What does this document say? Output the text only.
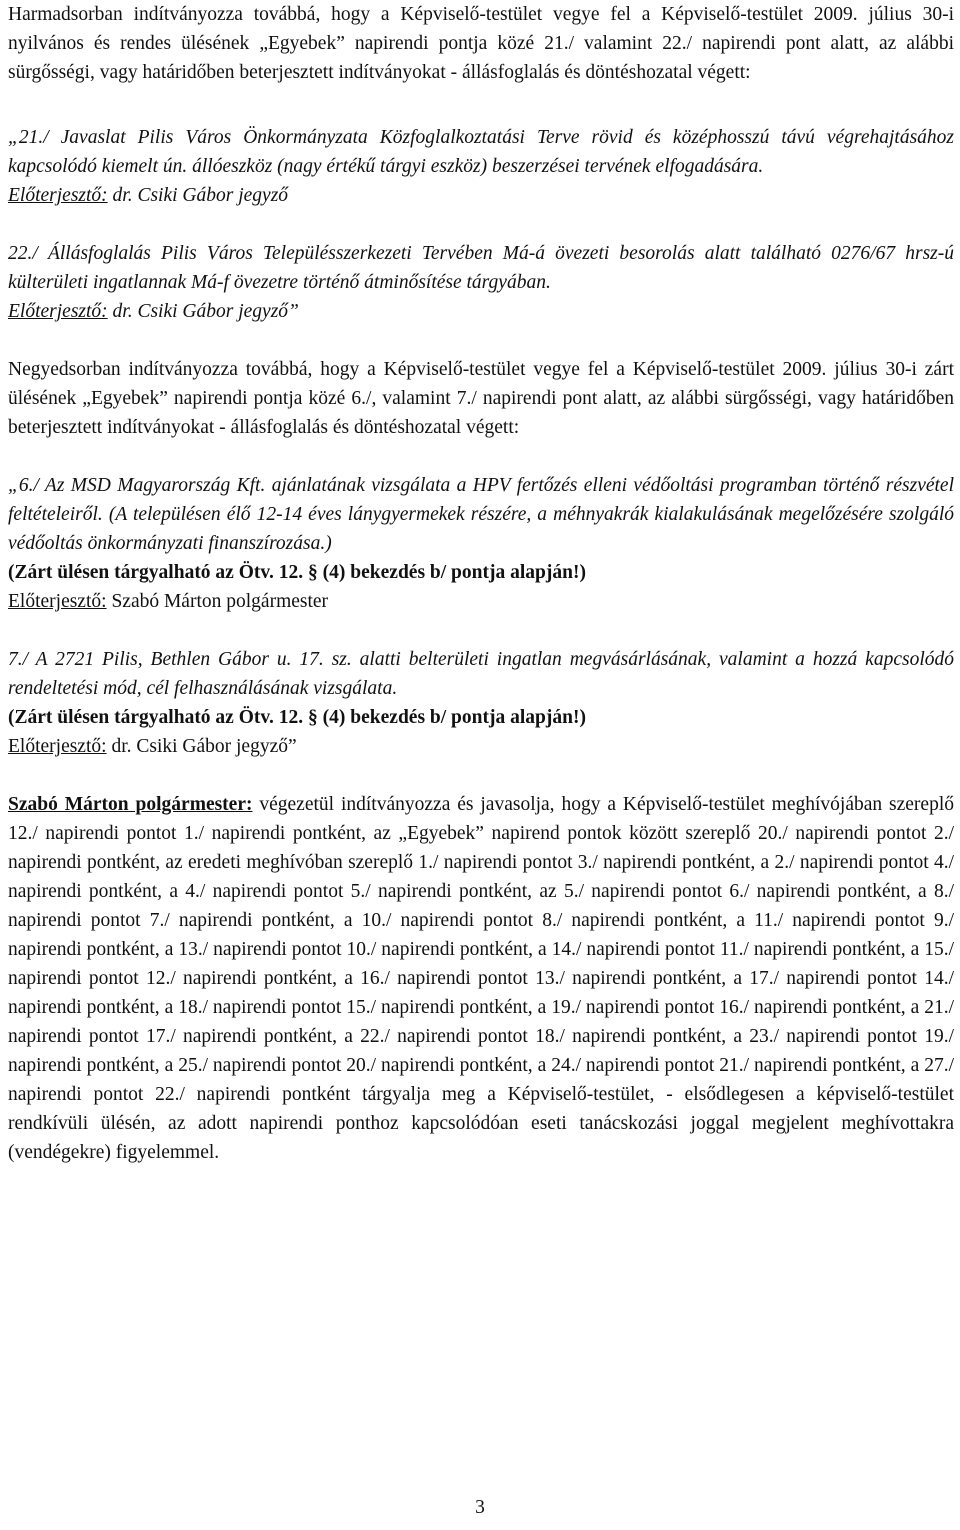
Harmadsorban indítványozza továbbá, hogy a Képviselő-testület vegye fel a Képviselő-testület 2009. július 30-i nyilvános és rendes ülésének „Egyebek” napirendi pontja közé 21./ valamint 22./ napirendi pont alatt, az alábbi sürgősségi, vagy határidőben beterjesztett indítványokat - állásfoglalás és döntéshozatal végett:

„21./ Javaslat Pilis Város Önkormányzata Közfoglalkoztatási Terve rövid és középhosszú távú végrehajtásához kapcsolódó kiemelt ún. állóeszköz (nagy értékű tárgyi eszköz) beszerzései tervének elfogadására.

Előterjesztő: dr. Csiki Gábor jegyző

22./ Állásfoglalás Pilis Város Településszerkezeti Tervében Má-á övezeti besorolás alatt található 0276/67 hrsz-ú külterületi ingatlannak Má-f övezetre történő átminősítése tárgyában.

Előterjesztő: dr. Csiki Gábor jegyző”

Negyedsorban indítványozza továbbá, hogy a Képviselő-testület vegye fel a Képviselő-testület 2009. július 30-i zárt ülésének „Egyebek” napirendi pontja közé 6./, valamint 7./ napirendi pont alatt, az alábbi sürgősségi, vagy határidőben beterjesztett indítványokat - állásfoglalás és döntéshozatal végett:

„6./ Az MSD Magyarország Kft. ajánlatának vizsgálata a HPV fertőzés elleni védőoltási programban történő részvétel feltételeiről. (A településen élő 12-14 éves lánygyermekek részére, a méhnyakrák kialakulásának megelőzésére szolgáló védőoltás önkormányzati finanszírozása.)

(Zárt ülésen tárgyalható az Ötv. 12. § (4) bekezdés b/ pontja alapján!)

Előterjesztő: Szabó Márton polgármester

7./ A 2721 Pilis, Bethlen Gábor u. 17. sz. alatti belterületi ingatlan megvásárlásának, valamint a hozzá kapcsolódó rendeltetési mód, cél felhasználásának vizsgálata.

(Zárt ülésen tárgyalható az Ötv. 12. § (4) bekezdés b/ pontja alapján!)

Előterjesztő: dr. Csiki Gábor jegyző”

Szabó Márton polgármester: végezetül indítványozza és javasolja, hogy a Képviselő-testület meghívójában szereplő 12./ napirendi pontot 1./ napirendi pontként, az „Egyebek” napirend pontok között szereplő 20./ napirendi pontot 2./ napirendi pontként, az eredeti meghívóban szereplő 1./ napirendi pontot 3./ napirendi pontként, a 2./ napirendi pontot 4./ napirendi pontként, a 4./ napirendi pontot 5./ napirendi pontként, az 5./ napirendi pontot 6./ napirendi pontként, a 8./ napirendi pontot 7./ napirendi pontként, a 10./ napirendi pontot 8./ napirendi pontként, a 11./ napirendi pontot 9./ napirendi pontként, a 13./ napirendi pontot 10./ napirendi pontként, a 14./ napirendi pontot 11./ napirendi pontként, a 15./ napirendi pontot 12./ napirendi pontként, a 16./ napirendi pontot 13./ napirendi pontként, a 17./ napirendi pontot 14./ napirendi pontként, a 18./ napirendi pontot 15./ napirendi pontként, a 19./ napirendi pontot 16./ napirendi pontként, a 21./ napirendi pontot 17./ napirendi pontként, a 22./ napirendi pontot 18./ napirendi pontként, a 23./ napirendi pontot 19./ napirendi pontként, a 25./ napirendi pontot 20./ napirendi pontként, a 24./ napirendi pontot 21./ napirendi pontként, a 27./ napirendi pontot 22./ napirendi pontként tárgyalja meg a Képviselő-testület, - elsődlegesen a képviselő-testület rendkívüli ülésén, az adott napirendi ponthoz kapcsolódóan eseti tanácskozási joggal megjelent meghívottakra (vendégekre) figyelemmel.

3
